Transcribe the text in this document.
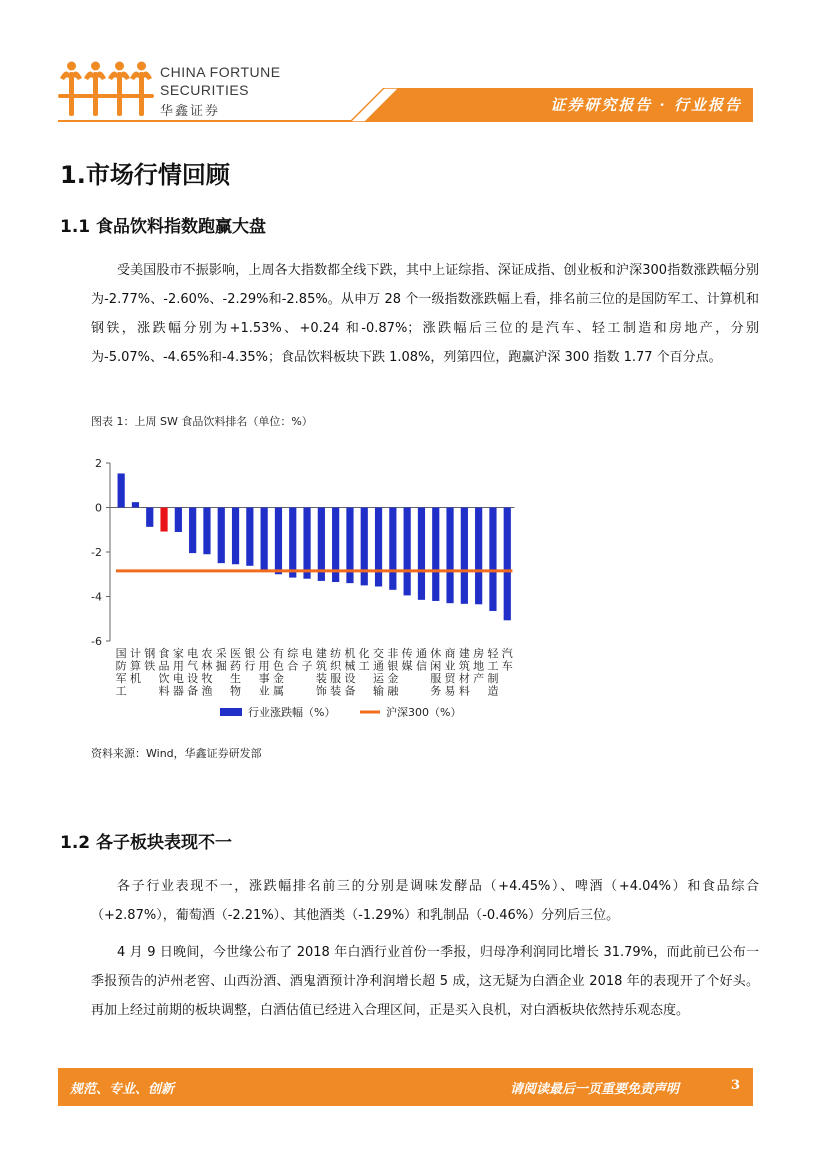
CHINA FORTUNE
SECURITIES
华鑫证券	证券研究报告 · 行业报告
1.市场行情回顾
1.1 食品饮料指数跑赢大盘

受美国股市不振影响，上周各大指数都全线下跌，其中上证综指、深证成指、创业板和沪深300指数涨跌幅分别为-2.77%、-2.60%、-2.29%和-2.85%。从申万 28 个一级指数涨跌幅上看，排名前三位的是国防军工、计算机和钢铁，涨跌幅分别为+1.53%、+0.24 和-0.87%；涨跌幅后三位的是汽车、轻工制造和房地产，分别为-5.07%、-4.65%和-4.35%；食品饮料板块下跌 1.08%，列第四位，跑赢沪深 300 指数 1.77 个百分点。

图表 1：上周 SW 食品饮料排名（单位：%）
2
0
-2
-4
-6
国防军工
计算机
钢铁
食品饮料
家用电器
电气设备
农林牧渔
采掘
医药生物
银行
公用事业
有色金属
综合
电子
建筑装饰
纺织服装
机械设备
化工
交通运输
非银金融
传媒
通信
休闲服务
商业贸易
建筑材料
房地产
轻工制造
汽车
行业涨跌幅（%）	沪深300（%）
资料来源：Wind，华鑫证券研发部
1.2 各子板块表现不一

各子行业表现不一，涨跌幅排名前三的分别是调味发酵品（+4.45%）、啤酒（+4.04%）和食品综合（+2.87%），葡萄酒（-2.21%）、其他酒类（-1.29%）和乳制品（-0.46%）分列后三位。

4 月 9 日晚间，今世缘公布了 2018 年白酒行业首份一季报，归母净利润同比增长 31.79%，而此前已公布一季报预告的泸州老窖、山西汾酒、酒鬼酒预计净利润增长超 5 成，这无疑为白酒企业 2018 年的表现开了个好头。再加上经过前期的板块调整，白酒估值已经进入合理区间，正是买入良机，对白酒板块依然持乐观态度。

规范、专业、创新	请阅读最后一页重要免责声明	3
